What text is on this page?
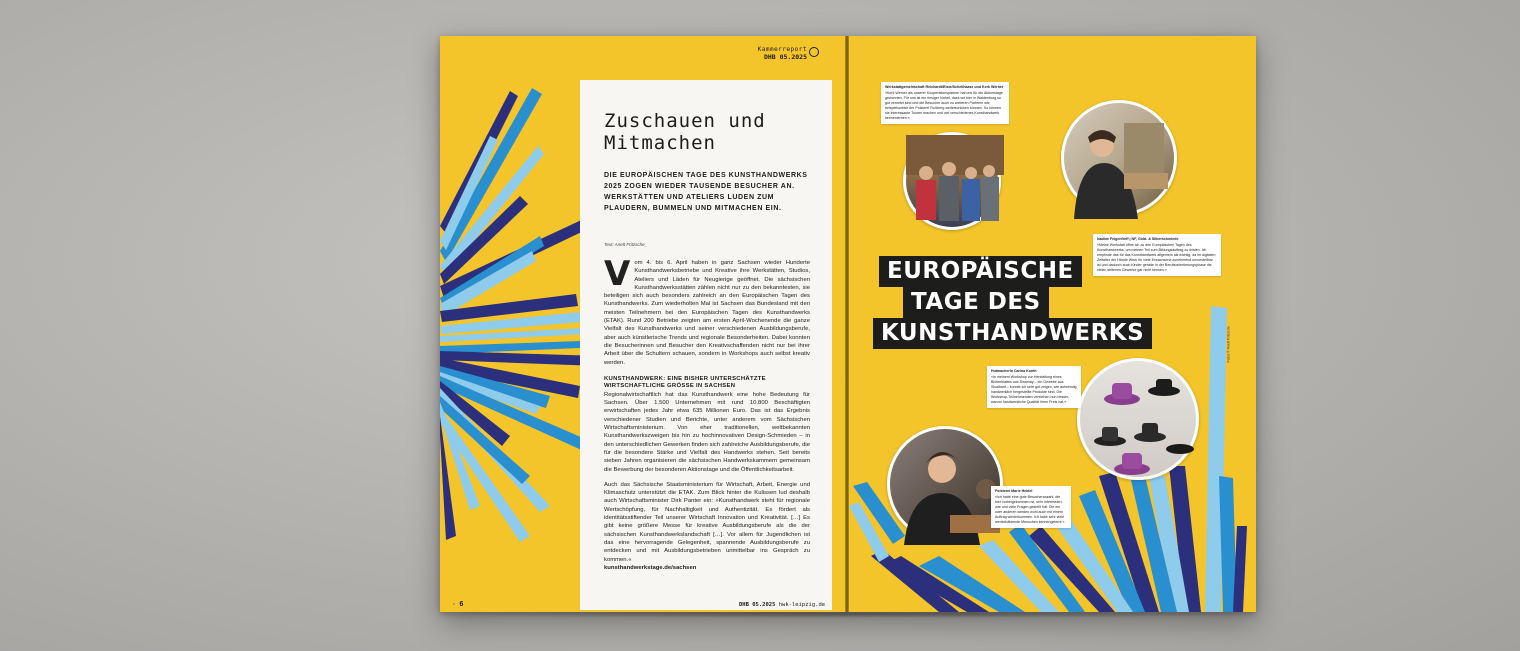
Kammerreport
DHB 05.2025
Zuschauen und
Mitmachen

DIE EUROPÄISCHEN TAGE DES KUNSTHANDWERKS 2025 ZOGEN WIEDER TAUSENDE BESUCHER AN. WERKSTÄTTEN UND ATELIERS LUDEN ZUM PLAUDERN, BUMMELN UND MITMACHEN EIN.

Text: Anett Fritzsche_

Vom 4. bis 6. April haben in ganz Sachsen wieder Hunderte Kunsthandwerksbetriebe und Kreative ihre Werkstätten, Studios, Ateliers und Läden für Neugierige geöffnet. Die sächsischen Kunsthandwerksstätten zählen nicht nur zu den bekanntesten, sie beteiligen sich auch besonders zahlreich an den Europäischen Tagen des Kunsthandwerks. Zum wiederholten Mal ist Sachsen das Bundesland mit den meisten Teilnehmern bei den Europäischen Tagen des Kunsthandwerks (ETAK). Rund 200 Betriebe zeigten am ersten April-Wochenende die ganze Vielfalt des Kunsthandwerks und seiner verschiedenen Ausbildungsberufe, aber auch künstlerische Trends und regionale Besonderheiten. Dabei konnten die Besucherinnen und Besucher den Kreativschaffenden nicht nur bei ihrer Arbeit über die Schultern schauen, sondern in Workshops auch selbst kreativ werden.

KUNSTHANDWERK: EINE BISHER UNTERSCHÄTZTE WIRTSCHAFTLICHE GRÖSSE IN SACHSEN

Regionalwirtschaftlich hat das Kunsthandwerk eine hohe Bedeutung für Sachsen. Über 1.500 Unternehmen mit rund 10.800 Beschäftigten erwirtschaften jedes Jahr etwa 635 Millionen Euro. Das ist das Ergebnis verschiedener Studien und Berichte, unter anderem vom Sächsischen Wirtschaftsministerium. Von eher traditionellen, weltbekannten Kunsthandwerkszweigen bis hin zu hochinnovativen Design-Schmieden – in den unterschiedlichen Gewerken finden sich zahlreiche Ausbildungsberufe, die für die besondere Stärke und Vielfalt des Handwerks stehen. Seit bereits sieben Jahren organisieren die sächsischen Handwerkskammern gemeinsam die Bewerbung der besonderen Aktionstage und die Öffentlichkeitsarbeit.

Auch das Sächsische Staatsministerium für Wirtschaft, Arbeit, Energie und Klimaschutz unterstützt die ETAK. Zum Blick hinter die Kulissen lud deshalb auch Wirtschaftsminister Dirk Panter ein: »Kunsthandwerk steht für regionale Wertschöpfung, für Nachhaltigkeit und Authentizität. Es fördert als identitätsstiftender Teil unserer Wirtschaft Innovation und Kreativität. […] Es gibt keine größere Messe für kreative Ausbildungsberufe als die der sächsischen Kunsthandwerkslandschaft […]. Vor allem für Jugendlichen ist das eine hervorragende Gelegenheit, spannende Ausbildungsberufe zu entdecken und mit Ausbildungsbetrieben unmittelbar ins Gespräch zu kommen.«
kunsthandwerkstage.de/sachsen

◦ 6
Werkstattgemeinschaft Reichardt/Elste/Schellhaase und Kerk Werner
»Kerk Werner als unserer Kooperationspartner hat uns für die Aktionstage gewonnen. Für uns ist ein riesiger Vorteil, dass wir hier in Waldenburg so gut vernetzt sind und die Besucher auch zu weiteren Partnern wie beispielsweise der Polsterei Rußberg weiterschicken können. So können sie interessante Touren machen und viel verschiedenes Kunsthandwerk kennenlernen.«
Nadine Feigenfreff | NF, Gold- & Silberschmiede
»Meine Werkstatt öffne ich zu den Europäischen Tagen des Kunsthandwerks, um meinen Teil zum Bildungsauftrag zu leisten. Ich empfinde das für das Kunsthandwerk allgemein als wichtig, da im digitalen Zeitalter der Hände Werk für viele Erwachsene zunehmend unvorstellbar ist und dadurch auch Kinder gerade in der Berufsorientierungsphase die vielen seltenen Gewerke gar nicht kennen.«
Hutmacherin Carina Kunth
»In meinem Workshop zur Herstellung eines Blütenblattes aus Sinamay – ein Gewebe aus Sisalhanf – konnte ich sehr gut zeigen, wie aufwendig handwerklich hergestellte Produkte sind. Die Workshop-Teilnehmenden verstehen nun besser, warum handwerkliche Qualität ihren Preis hat.«
Polsterei Marie Heidel
»Ich hatte eine gute Besucheranzahl, die hier vorbeigekommen ist, sehr interessiert war und viele Fragen gestellt hat. Die ein oder anderen werden wohl auch mit einem Auftrag wiederkommen. Ich habe sehr viele wertschätzende Menschen kennengelernt.«
EUROPÄISCHE
TAGE DES
KUNSTHANDWERKS	Fotos © Anett Fritzsche
DHB 05.2025 hwk-leipzig.de
